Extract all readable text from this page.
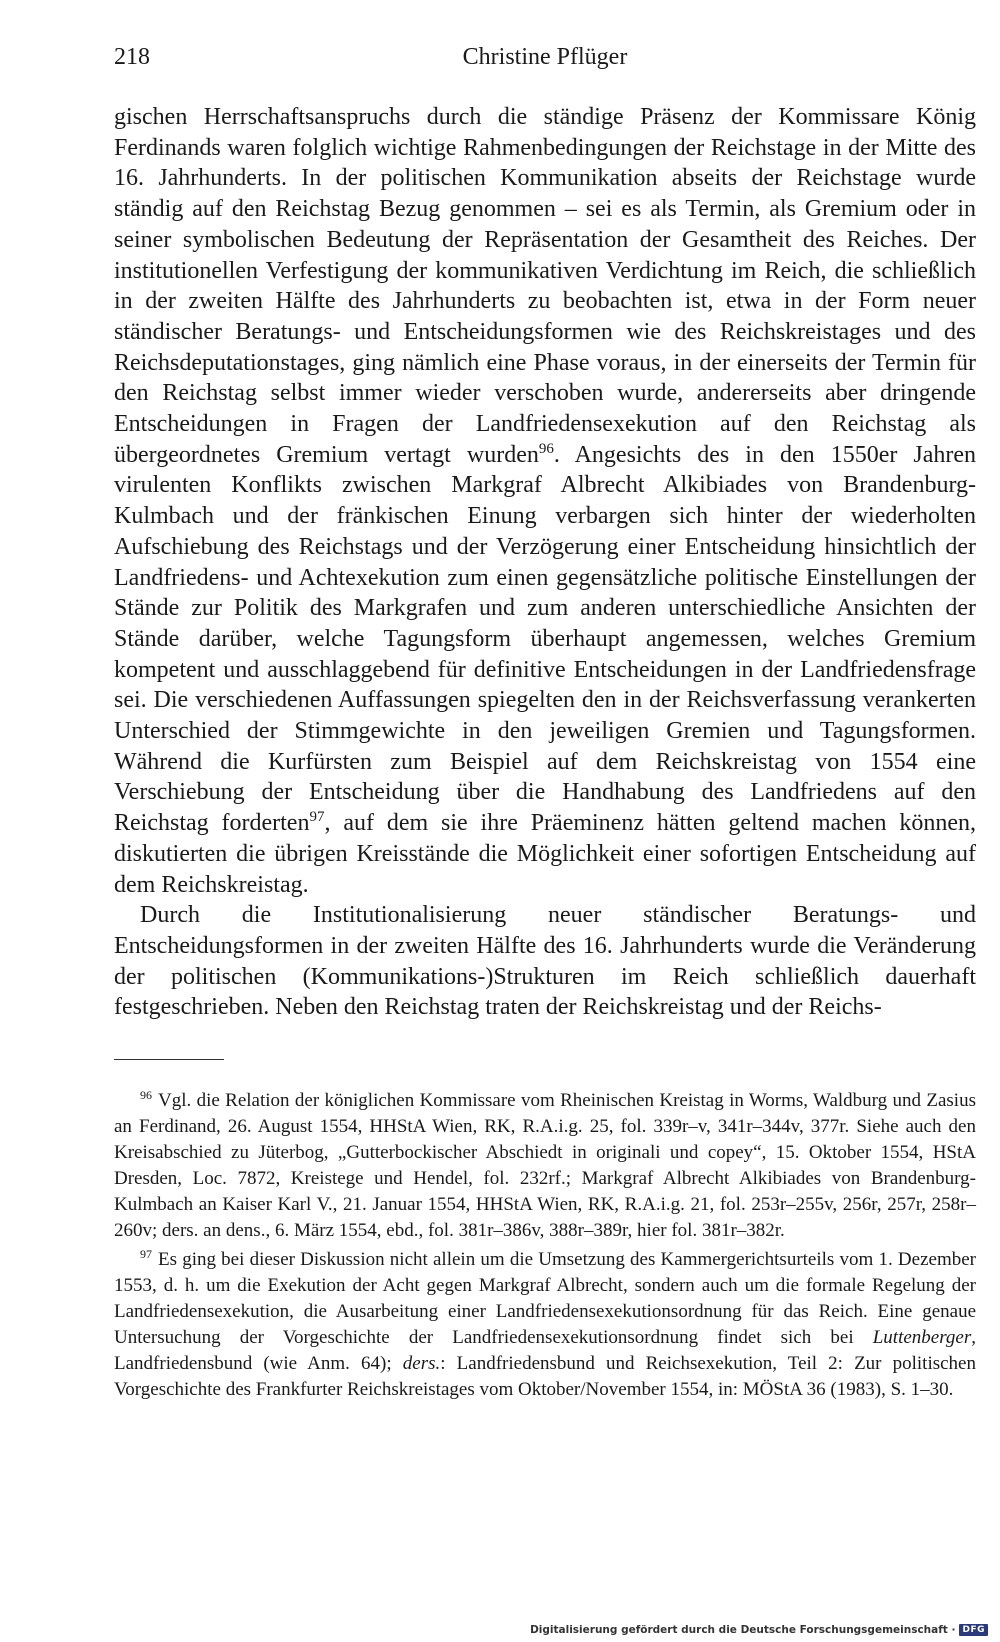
218	Christine Pflüger

gischen Herrschaftsanspruchs durch die ständige Präsenz der Kommissare König Ferdinands waren folglich wichtige Rahmenbedingungen der Reichstage in der Mitte des 16. Jahrhunderts. In der politischen Kommunikation abseits der Reichstage wurde ständig auf den Reichstag Bezug genommen – sei es als Termin, als Gremium oder in seiner symbolischen Bedeutung der Repräsentation der Gesamtheit des Reiches. Der institutionellen Verfestigung der kommunikativen Verdichtung im Reich, die schließlich in der zweiten Hälfte des Jahrhunderts zu beobachten ist, etwa in der Form neuer ständischer Beratungs- und Entscheidungsformen wie des Reichskreistages und des Reichsdeputationstages, ging nämlich eine Phase voraus, in der einerseits der Termin für den Reichstag selbst immer wieder verschoben wurde, andererseits aber dringende Entscheidungen in Fragen der Landfriedensexekution auf den Reichstag als übergeordnetes Gremium vertagt wurden$^{96}$. Angesichts des in den 1550er Jahren virulenten Konflikts zwischen Markgraf Albrecht Alkibiades von Brandenburg-Kulmbach und der fränkischen Einung verbargen sich hinter der wiederholten Aufschiebung des Reichstags und der Verzögerung einer Entscheidung hinsichtlich der Landfriedens- und Achtexekution zum einen gegensätzliche politische Einstellungen der Stände zur Politik des Markgrafen und zum anderen unterschiedliche Ansichten der Stände darüber, welche Tagungsform überhaupt angemessen, welches Gremium kompetent und ausschlaggebend für definitive Entscheidungen in der Landfriedensfrage sei. Die verschiedenen Auffassungen spiegelten den in der Reichsverfassung verankerten Unterschied der Stimmgewichte in den jeweiligen Gremien und Tagungsformen. Während die Kurfürsten zum Beispiel auf dem Reichskreistag von 1554 eine Verschiebung der Entscheidung über die Handhabung des Landfriedens auf den Reichstag forderten$^{97}$, auf dem sie ihre Präeminenz hätten geltend machen können, diskutierten die übrigen Kreisstände die Möglichkeit einer sofortigen Entscheidung auf dem Reichskreistag.

Durch die Institutionalisierung neuer ständischer Beratungs- und Entscheidungsformen in der zweiten Hälfte des 16. Jahrhunderts wurde die Veränderung der politischen (Kommunikations-)Strukturen im Reich schließlich dauerhaft festgeschrieben. Neben den Reichstag traten der Reichskreistag und der Reichs-

$^{96}$ Vgl. die Relation der königlichen Kommissare vom Rheinischen Kreistag in Worms, Waldburg und Zasius an Ferdinand, 26. August 1554, HHStA Wien, RK, R.A.i.g. 25, fol. 339r–v, 341r–344v, 377r. Siehe auch den Kreisabschied zu Jüterbog, „Gutterbockischer Abschiedt in originali und copey“, 15. Oktober 1554, HStA Dresden, Loc. 7872, Kreistege und Hendel, fol. 232rf.; Markgraf Albrecht Alkibiades von Brandenburg-Kulmbach an Kaiser Karl V., 21. Januar 1554, HHStA Wien, RK, R.A.i.g. 21, fol. 253r–255v, 256r, 257r, 258r–260v; ders. an dens., 6. März 1554, ebd., fol. 381r–386v, 388r–389r, hier fol. 381r–382r.

$^{97}$ Es ging bei dieser Diskussion nicht allein um die Umsetzung des Kammergerichtsurteils vom 1. Dezember 1553, d. h. um die Exekution der Acht gegen Markgraf Albrecht, sondern auch um die formale Regelung der Landfriedensexekution, die Ausarbeitung einer Landfriedensexekutionsordnung für das Reich. Eine genaue Untersuchung der Vorgeschichte der Landfriedensexekutionsordnung findet sich bei Luttenberger, Landfriedensbund (wie Anm. 64); ders.: Landfriedensbund und Reichsexekution, Teil 2: Zur politischen Vorgeschichte des Frankfurter Reichskreistages vom Oktober/November 1554, in: MÖStA 36 (1983), S. 1–30.

Digitalisierung gefördert durch die Deutsche Forschungsgemeinschaft · DFG
